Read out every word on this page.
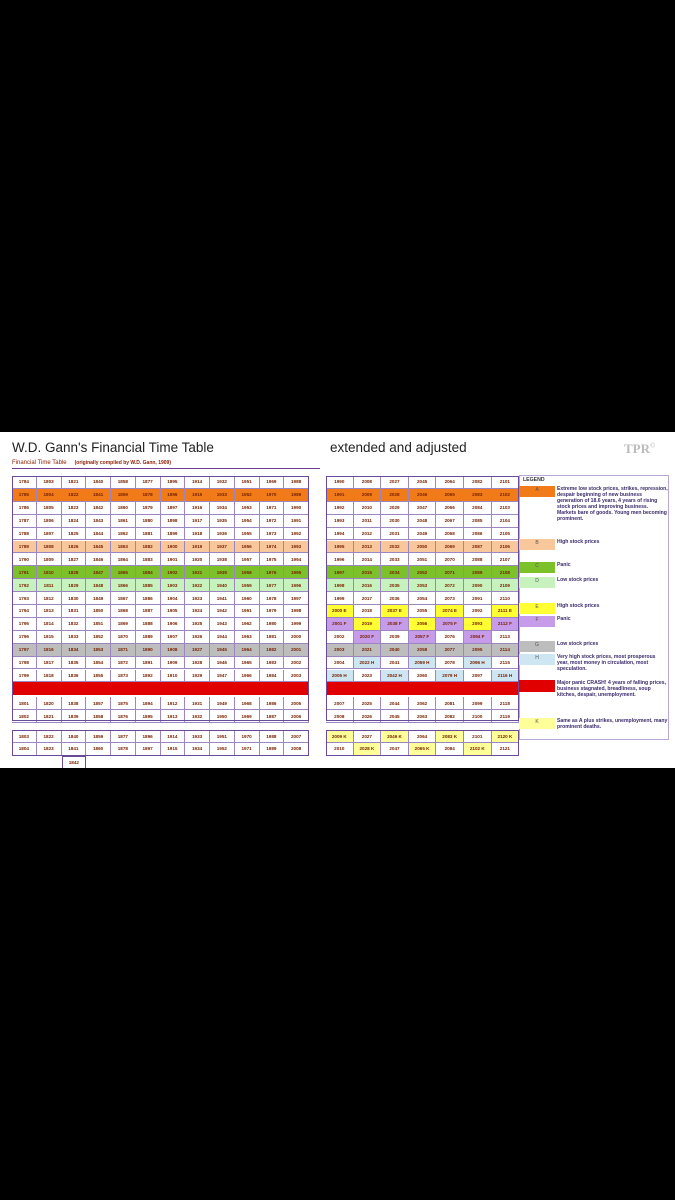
W.D. Gann's Financial Time Table	extended and adjusted	TPR©
Financial Time Table (originally compiled by W.D. Gann, 1909)
1784	1803	1821	1840	1858	1877	1895	1914	1932	1951	1969	1988	1990	2008	2027	2045	2064	2082	2101
1785	1804	1822	1841	1859	1878	1896	1915	1933	1952	1970	1989	1991	2009	2028	2046	2065	2083	2102
1786	1805	1823	1842	1860	1879	1897	1916	1934	1953	1971	1990	1992	2010	2029	2047	2066	2084	2103
1787	1806	1824	1843	1861	1880	1898	1917	1935	1954	1972	1991	1993	2011	2030	2048	2067	2085	2104
1788	1807	1825	1844	1862	1881	1899	1918	1936	1955	1973	1992	1994	2012	2031	2049	2068	2086	2105
1789	1808	1826	1845	1863	1882	1900	1919	1937	1956	1974	1993	1995	2013	2032	2050	2069	2087	2106
1790	1809	1827	1846	1864	1883	1901	1920	1938	1957	1975	1994	1996	2014	2033	2051	2070	2088	2107
1791	1810	1828	1847	1865	1884	1902	1921	1939	1958	1976	1995	1997	2015	2034	2052	2071	2089	2108
1792	1811	1829	1848	1866	1885	1903	1922	1940	1959	1977	1996	1998	2016	2035	2053	2072	2090	2109
1793	1812	1830	1849	1867	1886	1904	1923	1941	1960	1978	1997	1999	2017	2036	2054	2073	2091	2110
1794	1813	1831	1850	1868	1887	1905	1924	1942	1961	1979	1998	2000 E	2018	2037 E	2055	2074 E	2092	2111 E
1795	1814	1832	1851	1869	1888	1906	1925	1943	1962	1980	1999	2001 F	2019	2038 F	2056	2075 F	2093	2112 F
1796	1815	1833	1852	1870	1889	1907	1926	1944	1963	1981	2000	2002	2020 F	2039	2057 F	2076	2094 F	2113
1797	1816	1834	1853	1871	1890	1908	1927	1945	1964	1982	2001	2003	2021	2040	2058	2077	2095	2114
1798	1817	1835	1854	1872	1891	1909	1928	1946	1965	1983	2002	2004	2022 H	2041	2059 H	2078	2096 H	2115
1799	1818	1836	1855	1873	1892	1910	1929	1947	1966	1984	2003	2005 H	2023	2042 H	2060	2079 H	2097	2116 H
1801	1820	1838	1857	1875	1894	1912	1931	1949	1968	1986	2005	2007	2025	2044	2062	2081	2099	2118
1802	1821	1839	1858	1876	1895	1913	1932	1950	1969	1987	2006	2008	2026	2045	2063	2082	2100	2119
1803	1822	1840	1859	1877	1896	1914	1933	1951	1970	1988	2007	2009 K	2027	2046 K	2064	2083 K	2101	2120 K
1804	1823	1841	1860	1878	1897	1915	1934	1952	1971	1989	2008	2010	2028 K	2047	2065 K	2084	2102 K	2121
1842
LEGEND
A	Extreme low stock prices, strikes, repression, despair beginning of new business generation of 18.6 years, 4 years of rising stock prices and improving business. Markets bare of goods. Young men becoming prominent.
B	High stock prices
C	Panic
D	Low stock prices
E	High stock prices
F	Panic
G	Low stock prices
H	Very high stock prices, most prosperous year, most money in circulation, most speculation.
Major panic CRASH! 4 years of falling prices, business stagnated, breadliness, soup kitches, despair, unemployment.
K	Same as A plus strikes, unemployment, many prominent deaths.
